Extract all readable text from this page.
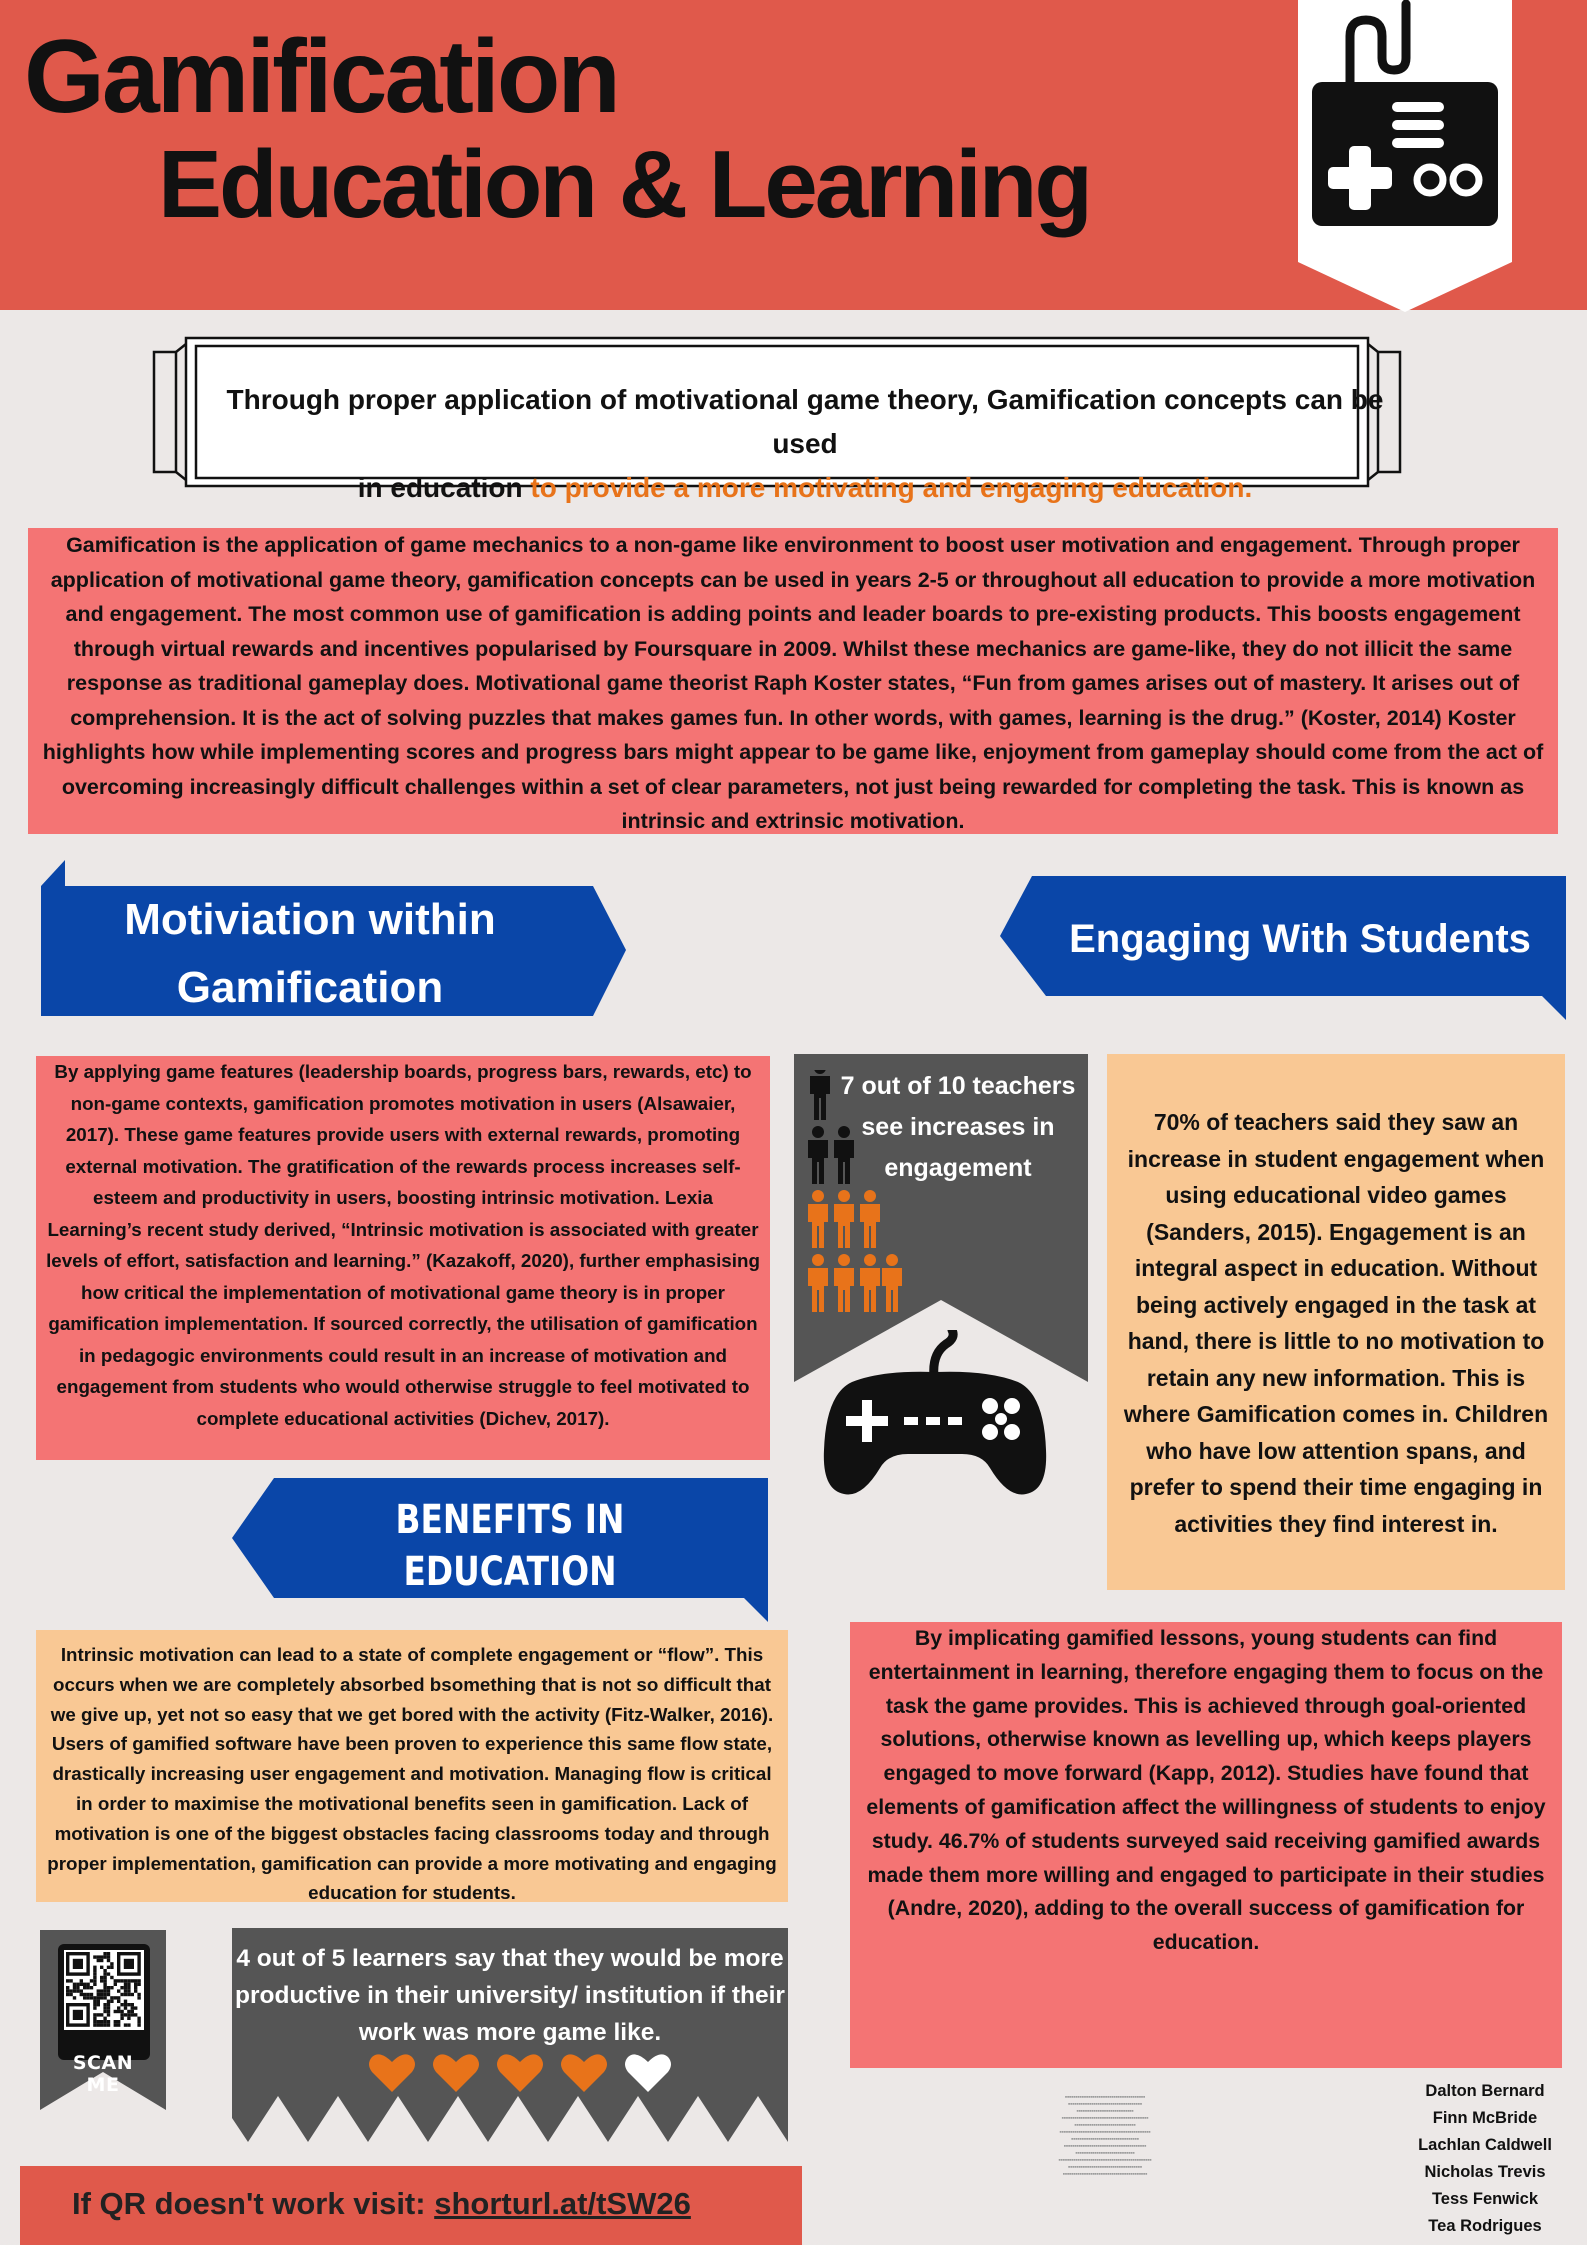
Gamification
Education & Learning
Through proper application of motivational game theory, Gamification concepts can be used
in education to provide a more motivating and engaging education.
Gamification is the application of game mechanics to a non-game like environment to boost user motivation and engagement. Through proper application of motivational game theory, gamification concepts can be used in years 2-5 or throughout all education to provide a more motivation and engagement. The most common use of gamification is adding points and leader boards to pre-existing products. This boosts engagement through virtual rewards and incentives popularised by Foursquare in 2009. Whilst these mechanics are game-like, they do not illicit the same response as traditional gameplay does. Motivational game theorist Raph Koster states, “Fun from games arises out of mastery. It arises out of comprehension. It is the act of solving puzzles that makes games fun. In other words, with games, learning is the drug.” (Koster, 2014) Koster highlights how while implementing scores and progress bars might appear to be game like, enjoyment from gameplay should come from the act of overcoming increasingly difficult challenges within a set of clear parameters, not just being rewarded for completing the task. This is known as intrinsic and extrinsic motivation.
Motiviation within Gamification
Engaging With Students
By applying game features (leadership boards, progress bars, rewards, etc) to non-game contexts, gamification promotes motivation in users (Alsawaier, 2017). These game features provide users with external rewards, promoting external motivation. The gratification of the rewards process increases self-esteem and productivity in users, boosting intrinsic motivation. Lexia Learning’s recent study derived, “Intrinsic motivation is associated with greater levels of effort, satisfaction and learning.” (Kazakoff, 2020), further emphasising how critical the implementation of motivational game theory is in proper gamification implementation. If sourced correctly, the utilisation of gamification in pedagogic environments could result in an increase of motivation and engagement from students who would otherwise struggle to feel motivated to complete educational activities (Dichev, 2017).
7 out of 10 teachers see increases in engagement
70% of teachers said they saw an increase in student engagement when using educational video games (Sanders, 2015). Engagement is an integral aspect in education. Without being actively engaged in the task at hand, there is little to no motivation to retain any new information. This is where Gamification comes in. Children who have low attention spans, and prefer to spend their time engaging in activities they find interest in.
BENEFITS IN EDUCATION
Intrinsic motivation can lead to a state of complete engagement or “flow”. This occurs when we are completely absorbed bsomething that is not so difficult that we give up, yet not so easy that we get bored with the activity (Fitz-Walker, 2016). Users of gamified software have been proven to experience this same flow state, drastically increasing user engagement and motivation. Managing flow is critical in order to maximise the motivational benefits seen in gamification. Lack of motivation is one of the biggest obstacles facing classrooms today and through proper implementation, gamification can provide a more motivating and engaging education for students.
By implicating gamified lessons, young students can find entertainment in learning, therefore engaging them to focus on the task the game provides. This is achieved through goal-oriented solutions, otherwise known as levelling up, which keeps players engaged to move forward (Kapp, 2012). Studies have found that elements of gamification affect the willingness of students to enjoy study. 46.7% of students surveyed said receiving gamified awards made them more willing and engaged to participate in their studies (Andre, 2020), adding to the overall success of gamification for education.
SCAN ME
4 out of 5 learners say that they would be more productive in their university/ institution if their work was more game like.
■■■■■■■■■■■■■■■■■■■■■■■■■■■■■■■■■■■■■■
■■■■■■■■■■■■■■■■■■■■■■■■■■■■■■■■■■■
■■■■■■■■■■■■■■■■■■■■■■■■■■■
■■■■■■■■■■■■■■■■■■■■■■■■■■■■■■■■■■■■■■■■■
■■■■■■■■■■■■■■■■■■■■■■■■■■■■■
■■■■■■■■■■■■■■■■■■■■■■■■■■■■■■■■■■■■■■■■■■■
■■■■■■■■■■■■■■■■■■■■■■■■■■■■■■■■
■■■■■■■■■■■■■■■■■■■■■■■■■■■■■■■■■■■■■■■
■■■■■■■■■■■■■■■■■■■■■■■■■■■■
■■■■■■■■■■■■■■■■■■■■■■■■■■■■■■■■■■■■■■■■■■■■
■■■■■■■■■■■■■■■■■■■■■■■■■■■■■■■■■■■
■■■■■■■■■■■■■■■■■■■■■■■■■■■■■■■■■■■■■■■■
Dalton Bernard
Finn McBride
Lachlan Caldwell
Nicholas Trevis
Tess Fenwick
Tea Rodrigues
If QR doesn't work visit: shorturl.at/tSW26
